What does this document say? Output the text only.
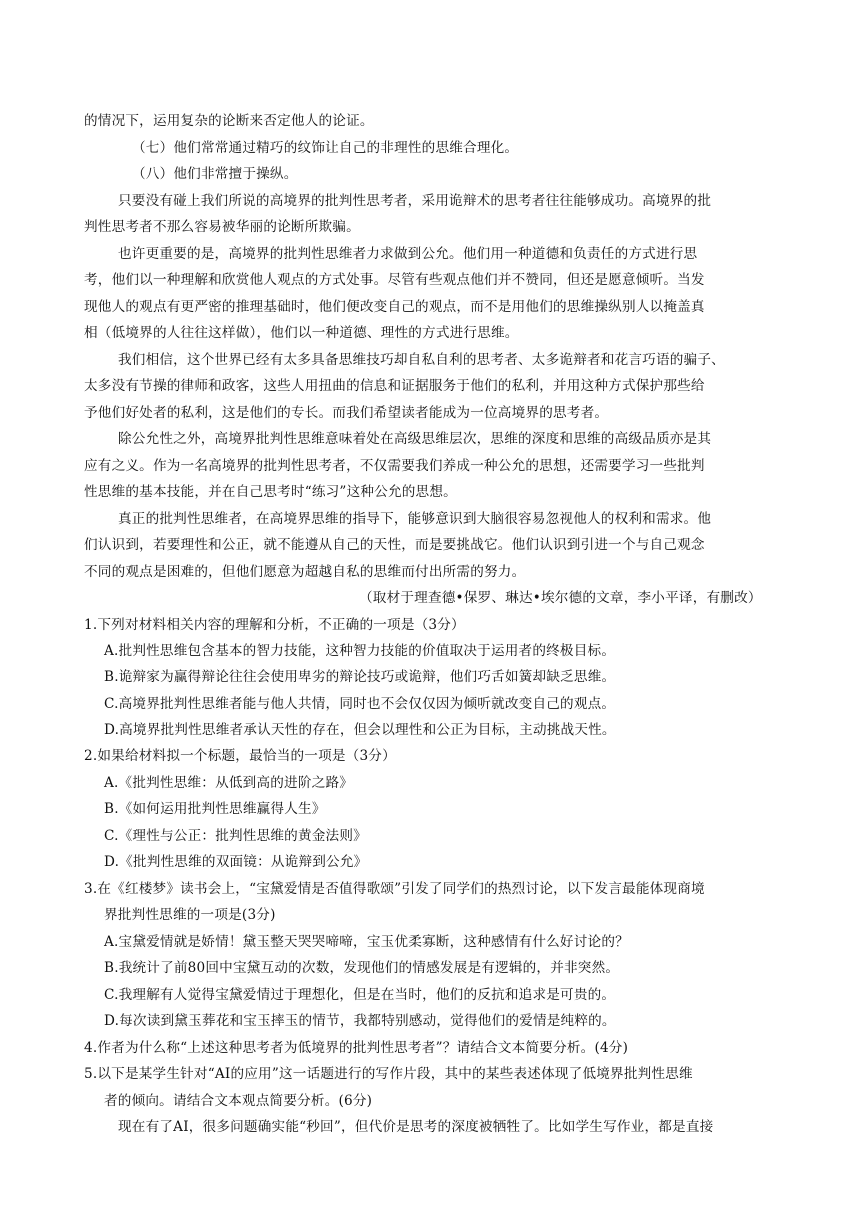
的情况下，运用复杂的论断来否定他人的论证。
（七）他们常常通过精巧的纹饰让自己的非理性的思维合理化。
（八）他们非常擅于操纵。
只要没有碰上我们所说的高境界的批判性思考者，采用诡辩术的思考者往往能够成功。高境界的批
判性思考者不那么容易被华丽的论断所欺骗。
也许更重要的是，高境界的批判性思维者力求做到公允。他们用一种道德和负责任的方式进行思
考，他们以一种理解和欣赏他人观点的方式处事。尽管有些观点他们并不赞同，但还是愿意倾听。当发
现他人的观点有更严密的推理基础时，他们便改变自己的观点，而不是用他们的思维操纵别人以掩盖真
相（低境界的人往往这样做），他们以一种道德、理性的方式进行思维。
我们相信，这个世界已经有太多具备思维技巧却自私自利的思考者、太多诡辩者和花言巧语的骗子、
太多没有节操的律师和政客，这些人用扭曲的信息和证据服务于他们的私利，并用这种方式保护那些给
予他们好处者的私利，这是他们的专长。而我们希望读者能成为一位高境界的思考者。
除公允性之外，高境界批判性思维意味着处在高级思维层次，思维的深度和思维的高级品质亦是其
应有之义。作为一名高境界的批判性思考者，不仅需要我们养成一种公允的思想，还需要学习一些批判
性思维的基本技能，并在自己思考时“练习”这种公允的思想。
真正的批判性思维者，在高境界思维的指导下，能够意识到大脑很容易忽视他人的权利和需求。他
们认识到，若要理性和公正，就不能遵从自己的天性，而是要挑战它。他们认识到引进一个与自己观念
不同的观点是困难的，但他们愿意为超越自私的思维而付出所需的努力。
（取材于理查德•保罗、琳达•埃尔德的文章，李小平译，有删改）
1.下列对材料相关内容的理解和分析，不正确的一项是（3分）
A.批判性思维包含基本的智力技能，这种智力技能的价值取决于运用者的终极目标。
B.诡辩家为赢得辩论往往会使用卑劣的辩论技巧或诡辩，他们巧舌如簧却缺乏思维。
C.高境界批判性思维者能与他人共情，同时也不会仅仅因为倾听就改变自己的观点。
D.高境界批判性思维者承认天性的存在，但会以理性和公正为目标，主动挑战天性。
2.如果给材料拟一个标题，最恰当的一项是（3分）
A.《批判性思维：从低到高的进阶之路》
B.《如何运用批判性思维赢得人生》
C.《理性与公正：批判性思维的黄金法则》
D.《批判性思维的双面镜：从诡辩到公允》
3.在《红楼梦》读书会上，“宝黛爱情是否值得歌颂”引发了同学们的热烈讨论，以下发言最能体现商境
界批判性思维的一项是(3分)
A.宝黛爱情就是娇情！黛玉整天哭哭啼啼，宝玉优柔寡断，这种感情有什么好讨论的？
B.我统计了前80回中宝黛互动的次数，发现他们的情感发展是有逻辑的，并非突然。
C.我理解有人觉得宝黛爱情过于理想化，但是在当时，他们的反抗和追求是可贵的。
D.每次读到黛玉葬花和宝玉摔玉的情节，我都特别感动，觉得他们的爱情是纯粹的。
4.作者为什么称“上述这种思考者为低境界的批判性思考者”？请结合文本简要分析。(4分)
5.以下是某学生针对“AI的应用”这一话题进行的写作片段，其中的某些表述体现了低境界批判性思维
者的倾向。请结合文本观点简要分析。(6分)
现在有了AI，很多问题确实能“秒回”，但代价是思考的深度被牺牲了。比如学生写作业，都是直接
